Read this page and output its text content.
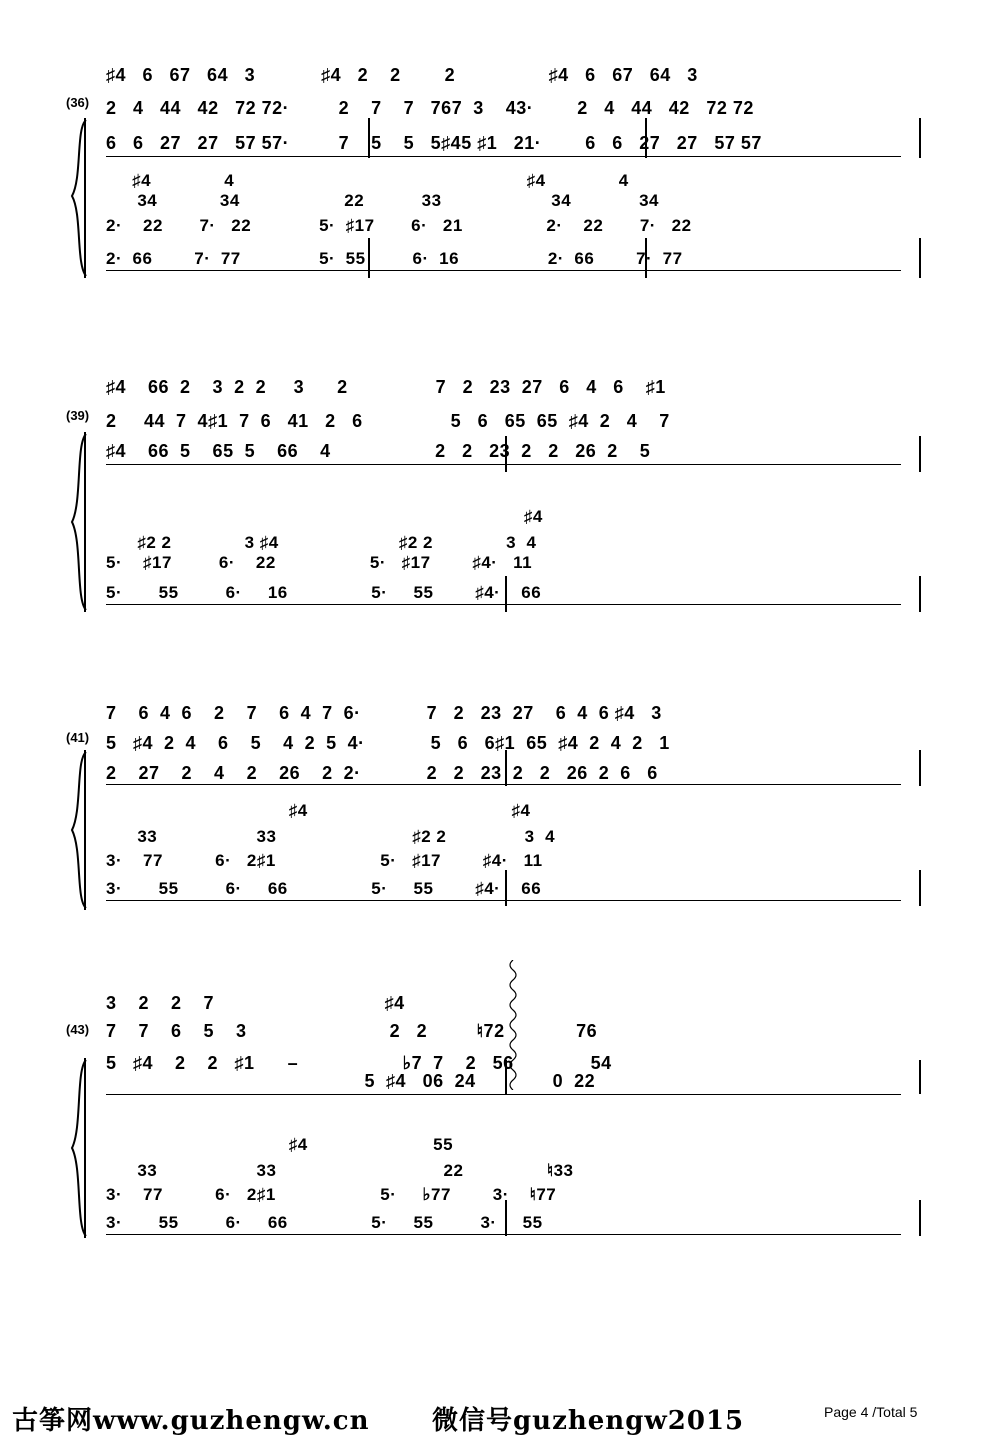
(36)
♯4   6   67   64   3            ♯4   2    2        2                 ♯4   6   67   64   3
2   4   44   42   72 72·         2    7    7   767  3    43·        2   4   44   42   72 72
6   6   27   27   57 57·         7    5    5   5♯45 ♯1   21·        6   6   27   27   57 57
♯4              4                                                        ♯4              4
34            34                    22           33                     34             34
2·    22       7·   22             5·  ♯17       6·   21                2·    22       7·   22
2·  66        7·  77               5·  55         6·  16                 2·  66        7·  77
(39)
♯4    66  2    3  2  2     3      2                7   2   23  27   6   4   6    ♯1
2     44  7  4♯1  7  6   41   2   6                5   6   65  65  ♯4  2   4    7
♯4    66  5    65  5    66    4                   2   2   23  2   2   26  2    5
♯4
♯2 2              3 ♯4                       ♯2 2              3  4
5·    ♯17         6·    22                  5·   ♯17        ♯4·   11
5·       55         6·     16                5·     55        ♯4·    66
(41)
7    6  4  6    2    7    6  4  7  6·            7   2   23  27    6  4  6 ♯4   3
5   ♯4  2  4    6    5    4  2  5  4·            5   6   6♯1  65  ♯4  2  4  2   1
2    27    2    4    2    26    2  2·            2   2   23  2   2   26  2  6   6
♯4                                       ♯4
33                   33                          ♯2 2               3  4
3·    77          6·   2♯1                    5·   ♯17        ♯4·   11
3·       55         6·     66                5·     55        ♯4·    66
(43)
3    2    2    7                               ♯4
7    7    6    5    3                          2   2         ♮72             76
5   ♯4    2    2   ♯1      –                   ♭7  7    2   56              54
5  ♯4   06  24              0  22
♯4                        55
33                   33                                22                ♮33
3·    77          6·   2♯1                    5·     ♭77        3·    ♮77
3·       55         6·     66                5·     55         3·     55
古筝网www.guzhengw.cn 微信号guzhengw2015	Page 4 /Total 5
